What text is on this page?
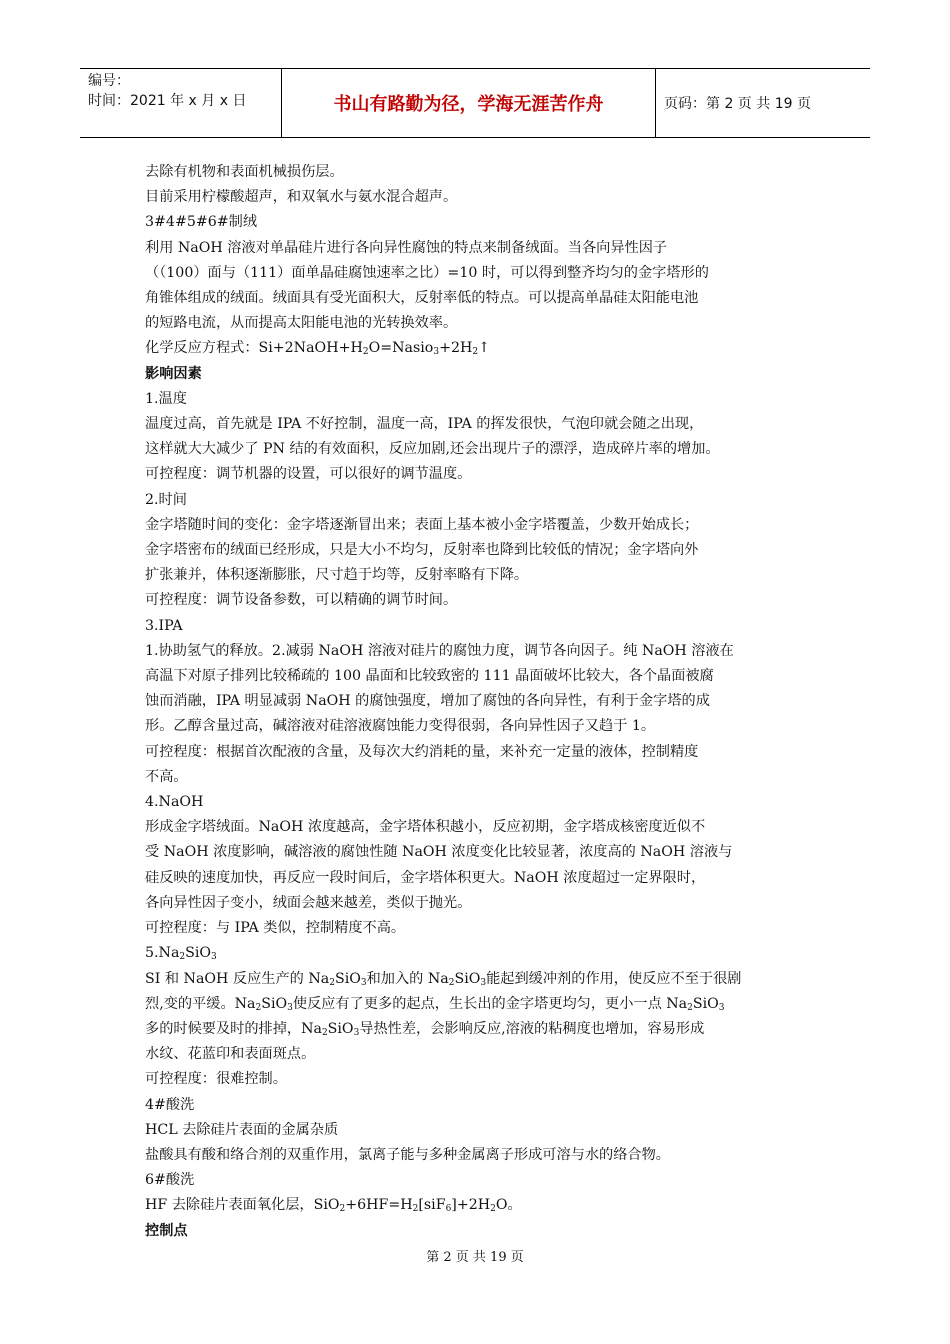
编号：
时间：2021 年 x 月 x 日	书山有路勤为径，学海无涯苦作舟	页码：第 2 页 共 19 页

去除有机物和表面机械损伤层。

目前采用柠檬酸超声，和双氧水与氨水混合超声。

3#4#5#6#制绒

利用 NaOH 溶液对单晶硅片进行各向异性腐蚀的特点来制备绒面。当各向异性因子

（（100）面与（111）面单晶硅腐蚀速率之比）=10 时，可以得到整齐均匀的金字塔形的

角锥体组成的绒面。绒面具有受光面积大，反射率低的特点。可以提高单晶硅太阳能电池

的短路电流，从而提高太阳能电池的光转换效率。

化学反应方程式：$Si+2NaOH+H_2O=Nasio_3+2H_2↑$

影响因素

1.温度

温度过高，首先就是 IPA 不好控制，温度一高，IPA 的挥发很快，气泡印就会随之出现，

这样就大大减少了 PN 结的有效面积，反应加剧,还会出现片子的漂浮，造成碎片率的增加。

可控程度：调节机器的设置，可以很好的调节温度。

2.时间

金字塔随时间的变化：金字塔逐渐冒出来；表面上基本被小金字塔覆盖，少数开始成长；

金字塔密布的绒面已经形成，只是大小不均匀，反射率也降到比较低的情况；金字塔向外

扩张兼并，体积逐渐膨胀，尺寸趋于均等，反射率略有下降。

可控程度：调节设备参数，可以精确的调节时间。

3.IPA

1.协助氢气的释放。2.减弱 NaOH 溶液对硅片的腐蚀力度，调节各向因子。纯 NaOH 溶液在

高温下对原子排列比较稀疏的 100 晶面和比较致密的 111 晶面破坏比较大，各个晶面被腐

蚀而消融，IPA 明显减弱 NaOH 的腐蚀强度，增加了腐蚀的各向异性，有利于金字塔的成

形。乙醇含量过高，碱溶液对硅溶液腐蚀能力变得很弱，各向异性因子又趋于 1。

可控程度：根据首次配液的含量，及每次大约消耗的量，来补充一定量的液体，控制精度

不高。

4.NaOH

形成金字塔绒面。NaOH 浓度越高，金字塔体积越小，反应初期，金字塔成核密度近似不

受 NaOH 浓度影响，碱溶液的腐蚀性随 NaOH 浓度变化比较显著，浓度高的 NaOH 溶液与

硅反映的速度加快，再反应一段时间后，金字塔体积更大。NaOH 浓度超过一定界限时，

各向异性因子变小，绒面会越来越差，类似于抛光。

可控程度：与 IPA 类似，控制精度不高。

$5.Na_2SiO_3$

SI 和 NaOH 反应生产的 $Na_2SiO_3$和加入的 $Na_2SiO_3$能起到缓冲剂的作用，使反应不至于很剧

烈,变的平缓。$Na_2SiO_3$使反应有了更多的起点，生长出的金字塔更均匀，更小一点 $Na_2SiO_3$

多的时候要及时的排掉，$Na_2SiO_3$导热性差，会影响反应,溶液的粘稠度也增加，容易形成

水纹、花蓝印和表面斑点。

可控程度：很难控制。

4#酸洗

HCL 去除硅片表面的金属杂质

盐酸具有酸和络合剂的双重作用，氯离子能与多种金属离子形成可溶与水的络合物。

6#酸洗

HF 去除硅片表面氧化层，$SiO_2+6HF=H_2[siF_6]+2H_2O$。

控制点

第 2 页 共 19 页
